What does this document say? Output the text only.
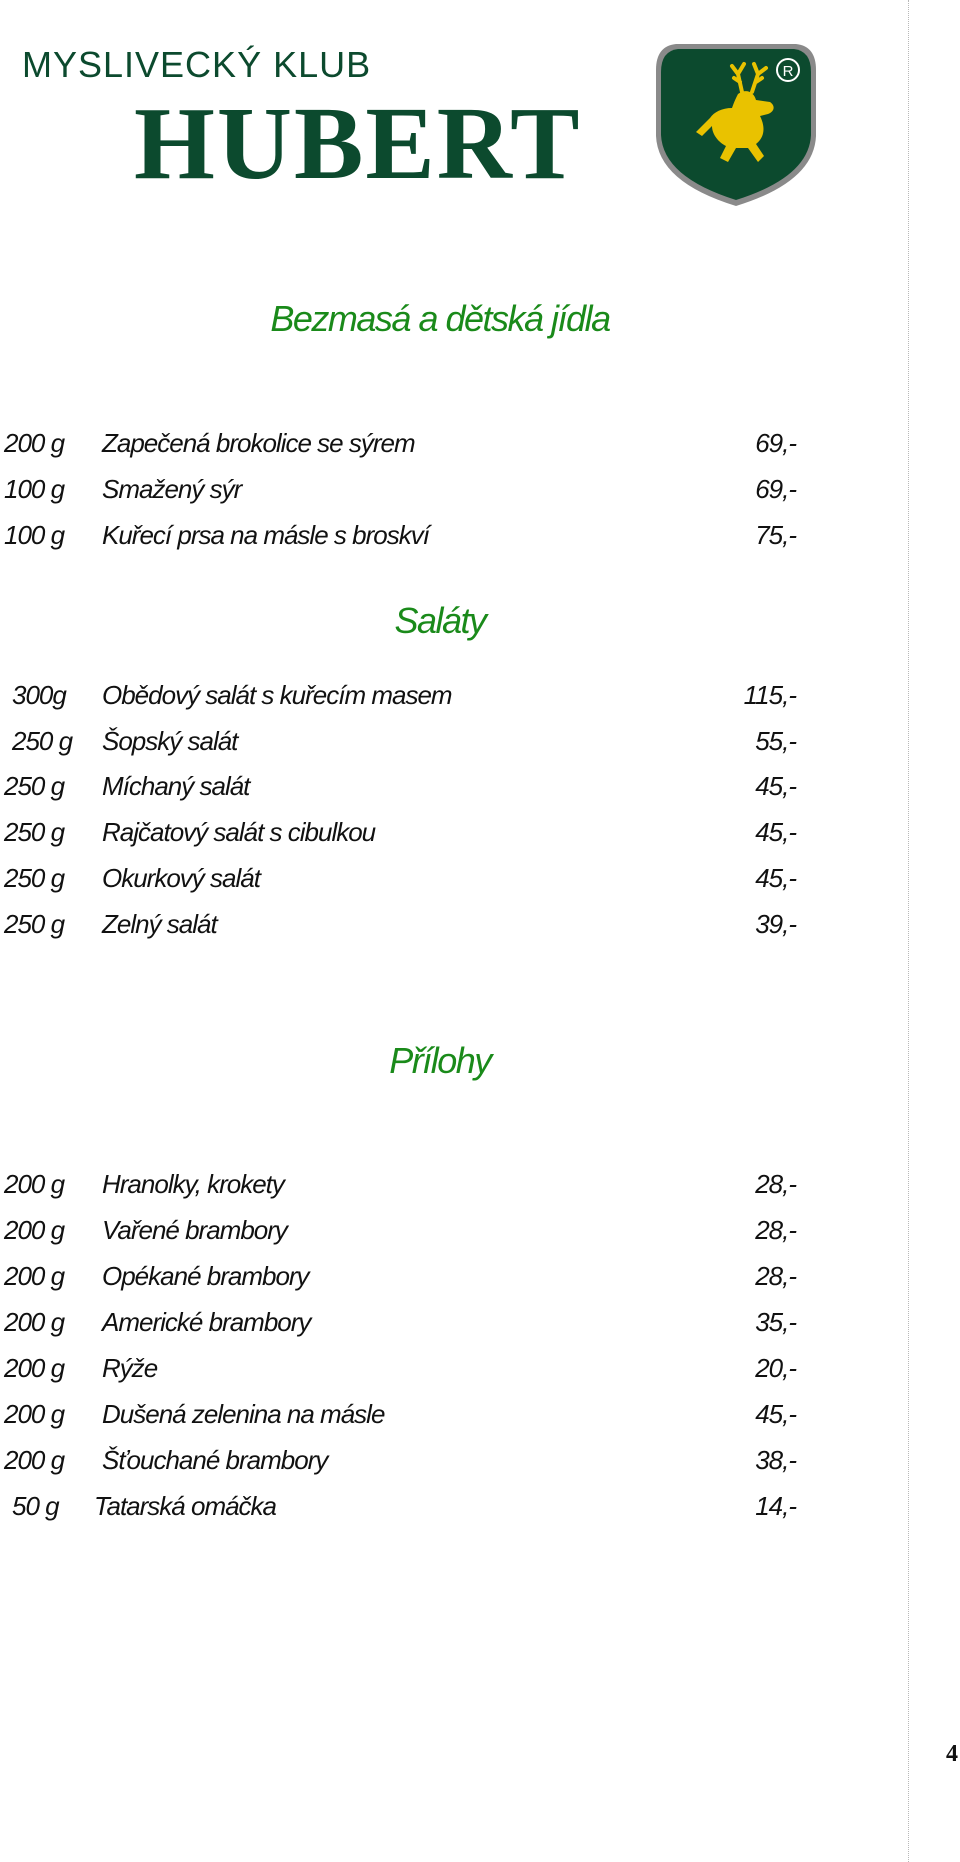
MYSLIVECKÝ KLUB
HUBERT
R
Bezmasá a dětská jídla
200 g Zapečená brokolice se sýrem	69,-
100 g Smažený sýr	69,-
100 g Kuřecí prsa na másle s broskví	75,-
Saláty
300g Obědový salát s kuřecím masem	115,-
250 g Šopský salát	55,-
250 g Míchaný salát	45,-
250 g Rajčatový salát s cibulkou	45,-
250 g Okurkový salát	45,-
250 g Zelný salát	39,-
Přílohy
200 g Hranolky, krokety	28,-
200 g Vařené brambory	28,-
200 g Opékané brambory	28,-
200 g Americké brambory	35,-
200 g Rýže	20,-
200 g Dušená zelenina na másle	45,-
200 g Šťouchané brambory	38,-
50 g Tatarská omáčka	14,-
4
